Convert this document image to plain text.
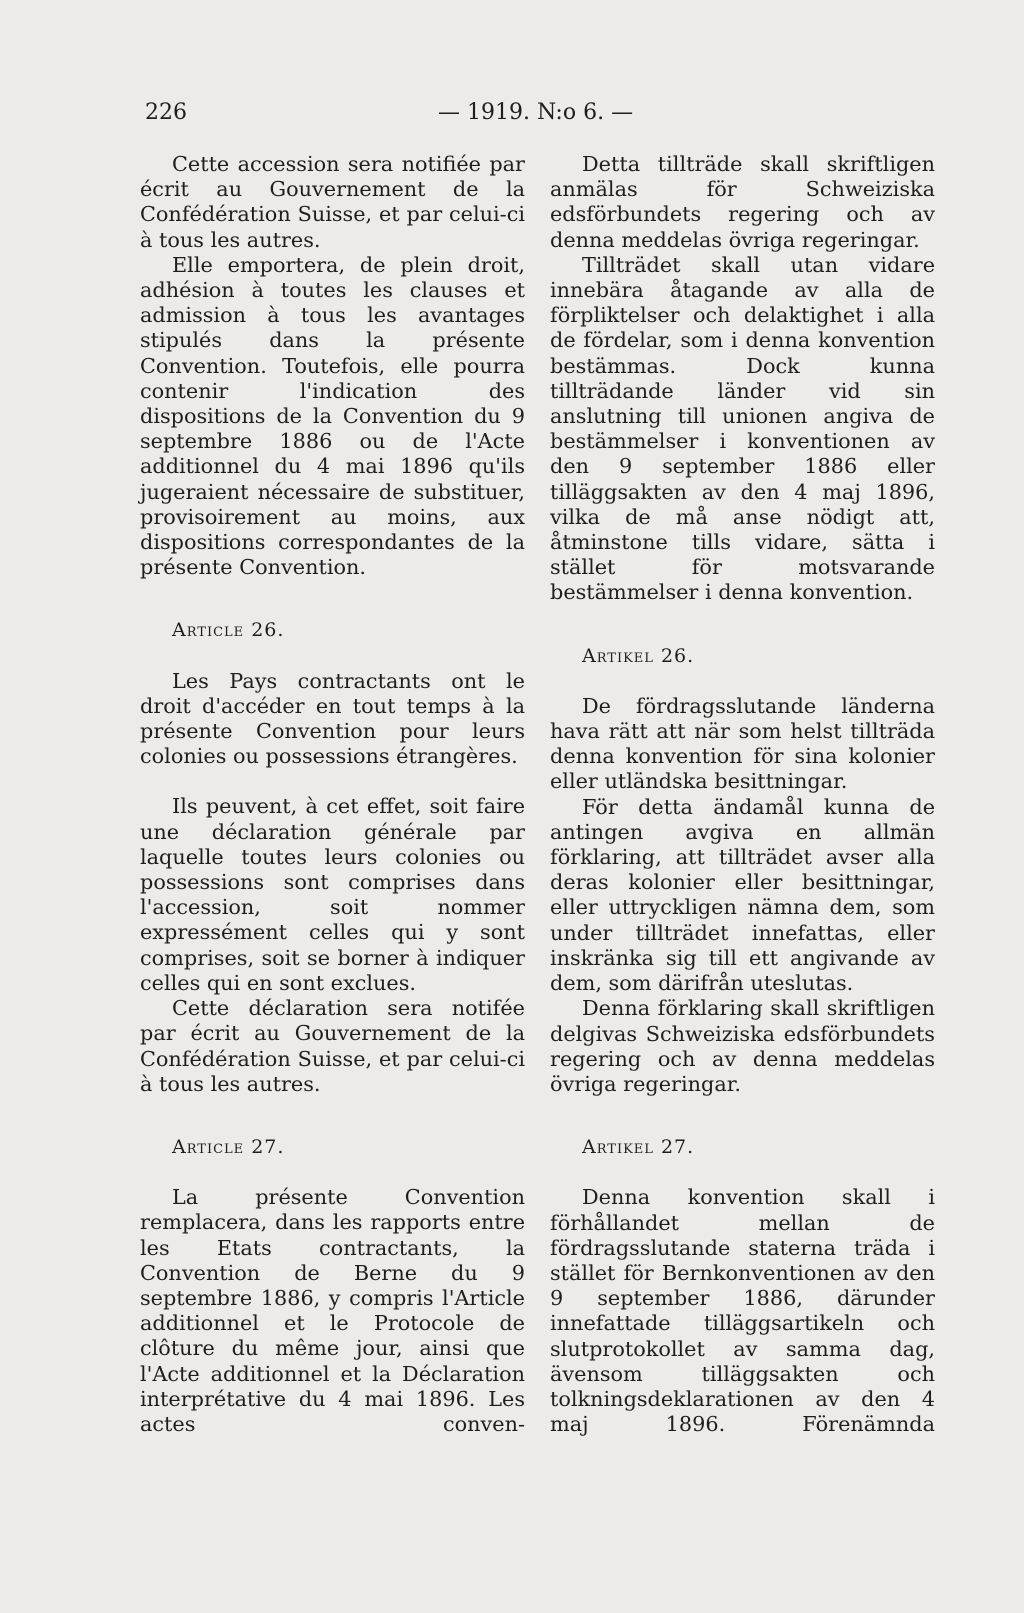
226	— 1919. N:o 6. —

Cette accession sera notifiée par écrit au Gouvernement de la Confédération Suisse, et par celui-ci à tous les autres.

Elle emportera, de plein droit, adhésion à toutes les clauses et admission à tous les avantages stipulés dans la présente Convention. Toutefois, elle pourra contenir l'indication des dispositions de la Convention du 9 septembre 1886 ou de l'Acte additionnel du 4 mai 1896 qu'ils jugeraient nécessaire de substituer, provisoirement au moins, aux dispositions correspondantes de la présente Convention.

Article 26.

Les Pays contractants ont le droit d'accéder en tout temps à la présente Convention pour leurs colonies ou possessions étrangères.

Ils peuvent, à cet effet, soit faire une déclaration générale par laquelle toutes leurs colonies ou possessions sont comprises dans l'accession, soit nommer expressément celles qui y sont comprises, soit se borner à indiquer celles qui en sont exclues.

Cette déclaration sera notifée par écrit au Gouvernement de la Confédération Suisse, et par celui-ci à tous les autres.

Article 27.

La présente Convention remplacera, dans les rapports entre les Etats contractants, la Convention de Berne du 9 septembre 1886, y compris l'Article additionnel et le Protocole de clôture du même jour, ainsi que l'Acte additionnel et la Déclaration interprétative du 4 mai 1896. Les actes conven-

Detta tillträde skall skriftligen anmälas för Schweiziska edsförbundets regering och av denna meddelas övriga regeringar.

Tillträdet skall utan vidare innebära åtagande av alla de förpliktelser och delaktighet i alla de fördelar, som i denna konvention bestämmas. Dock kunna tillträdande länder vid sin anslutning till unionen angiva de bestämmelser i konventionen av den 9 september 1886 eller tilläggsakten av den 4 maj 1896, vilka de må anse nödigt att, åtminstone tills vidare, sätta i stället för motsvarande bestämmelser i denna konvention.

Artikel 26.

De fördragsslutande länderna hava rätt att när som helst tillträda denna konvention för sina kolonier eller utländska besittningar.

För detta ändamål kunna de antingen avgiva en allmän förklaring, att tillträdet avser alla deras kolonier eller besittningar, eller uttryckligen nämna dem, som under tillträdet innefattas, eller inskränka sig till ett angivande av dem, som därifrån uteslutas.

Denna förklaring skall skriftligen delgivas Schweiziska edsförbundets regering och av denna meddelas övriga regeringar.

Artikel 27.

Denna konvention skall i förhållandet mellan de fördragsslutande staterna träda i stället för Bernkonventionen av den 9 september 1886, därunder innefattade tilläggsartikeln och slutprotokollet av samma dag, ävensom tilläggsakten och tolkningsdeklarationen av den 4 maj 1896. Förenämnda
